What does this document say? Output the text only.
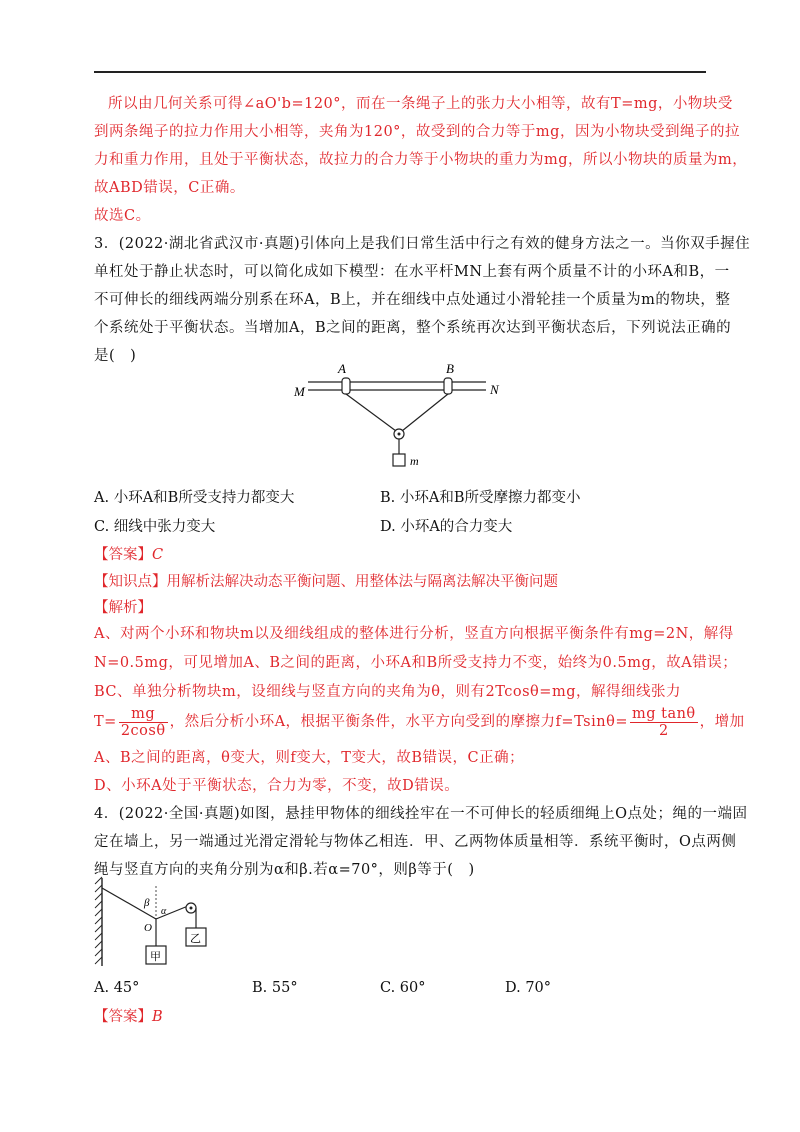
所以由几何关系可得∠aO'b=120°，而在一条绳子上的张力大小相等，故有T=mg，小物块受
到两条绳子的拉力作用大小相等，夹角为120°，故受到的合力等于mg，因为小物块受到绳子的拉
力和重力作用，且处于平衡状态，故拉力的合力等于小物块的重力为mg，所以小物块的质量为m，
故ABD错误，C正确。
故选C。
3．(2022·湖北省武汉市·真题)引体向上是我们日常生活中行之有效的健身方法之一。当你双手握住
单杠处于静止状态时，可以简化成如下模型：在水平杆MN上套有两个质量不计的小环A和B，一
不可伸长的细线两端分别系在环A，B上，并在细线中点处通过小滑轮挂一个质量为m的物块，整
个系统处于平衡状态。当增加A，B之间的距离，整个系统再次达到平衡状态后，下列说法正确的
是(　)
A	B
M	N
m
A. 小环A和B所受支持力都变大	B. 小环A和B所受摩擦力都变小
C. 细线中张力变大	D. 小环A的合力变大
【答案】C
【知识点】用解析法解决动态平衡问题、用整体法与隔离法解决平衡问题
【解析】
A、对两个小环和物块m以及细线组成的整体进行分析，竖直方向根据平衡条件有mg=2N，解得
N=0.5mg，可见增加A、B之间的距离，小环A和B所受支持力不变，始终为0.5mg，故A错误；
BC、单独分析物块m，设细线与竖直方向的夹角为θ，则有2Tcosθ=mg，解得细线张力
$T= \frac{mg}{2\cos\theta}$ ，然后分析小环A，根据平衡条件，水平方向受到的摩擦力$f=Tsin\theta= \frac{\text{mg tanθ}}{2}$ ，增加
A、B之间的距离，θ变大，则f变大，T变大，故B错误，C正确；
D、小环A处于平衡状态，合力为零，不变，故D错误。
4．(2022·全国·真题)如图，悬挂甲物体的细线拴牢在一不可伸长的轻质细绳上O点处；绳的一端固
定在墙上，另一端通过光滑定滑轮与物体乙相连．甲、乙两物体质量相等．系统平衡时，O点两侧
绳与竖直方向的夹角分别为α和β.若α=70°，则β等于(　)
β
α
O
甲
乙
A. 45°	B. 55°	C. 60°	D. 70°
【答案】B
